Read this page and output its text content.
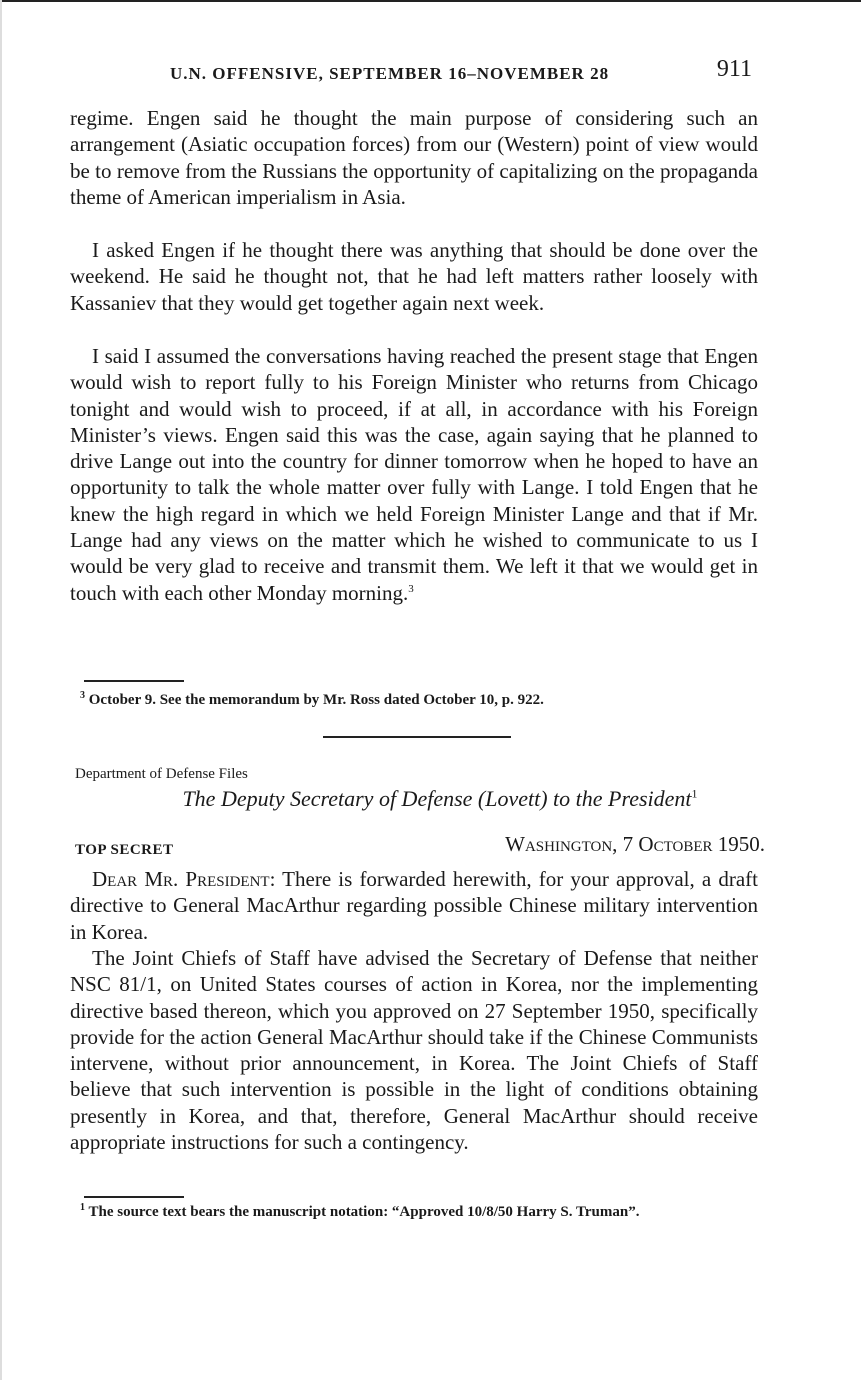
U.N. OFFENSIVE, SEPTEMBER 16–NOVEMBER 28	911

regime. Engen said he thought the main purpose of considering such an arrangement (Asiatic occupation forces) from our (Western) point of view would be to remove from the Russians the opportunity of capitalizing on the propaganda theme of American imperialism in Asia.

I asked Engen if he thought there was anything that should be done over the weekend. He said he thought not, that he had left matters rather loosely with Kassaniev that they would get together again next week.

I said I assumed the conversations having reached the present stage that Engen would wish to report fully to his Foreign Minister who returns from Chicago tonight and would wish to proceed, if at all, in accordance with his Foreign Minister’s views. Engen said this was the case, again saying that he planned to drive Lange out into the country for dinner tomorrow when he hoped to have an opportunity to talk the whole matter over fully with Lange. I told Engen that he knew the high regard in which we held Foreign Minister Lange and that if Mr. Lange had any views on the matter which he wished to communicate to us I would be very glad to receive and transmit them. We left it that we would get in touch with each other Monday morning.$^3$

$^3$ October 9. See the memorandum by Mr. Ross dated October 10, p. 922.

Department of Defense Files

The Deputy Secretary of Defense (Lovett) to the President$^1$

TOP SECRET	Washington, 7 October 1950.

Dear Mr. President: There is forwarded herewith, for your approval, a draft directive to General MacArthur regarding possible Chinese military intervention in Korea.

The Joint Chiefs of Staff have advised the Secretary of Defense that neither NSC 81/1, on United States courses of action in Korea, nor the implementing directive based thereon, which you approved on 27 September 1950, specifically provide for the action General MacArthur should take if the Chinese Communists intervene, without prior announcement, in Korea. The Joint Chiefs of Staff believe that such intervention is possible in the light of conditions obtaining presently in Korea, and that, therefore, General MacArthur should receive appropriate instructions for such a contingency.

$^1$ The source text bears the manuscript notation: “Approved 10/8/50 Harry S. Truman”.
